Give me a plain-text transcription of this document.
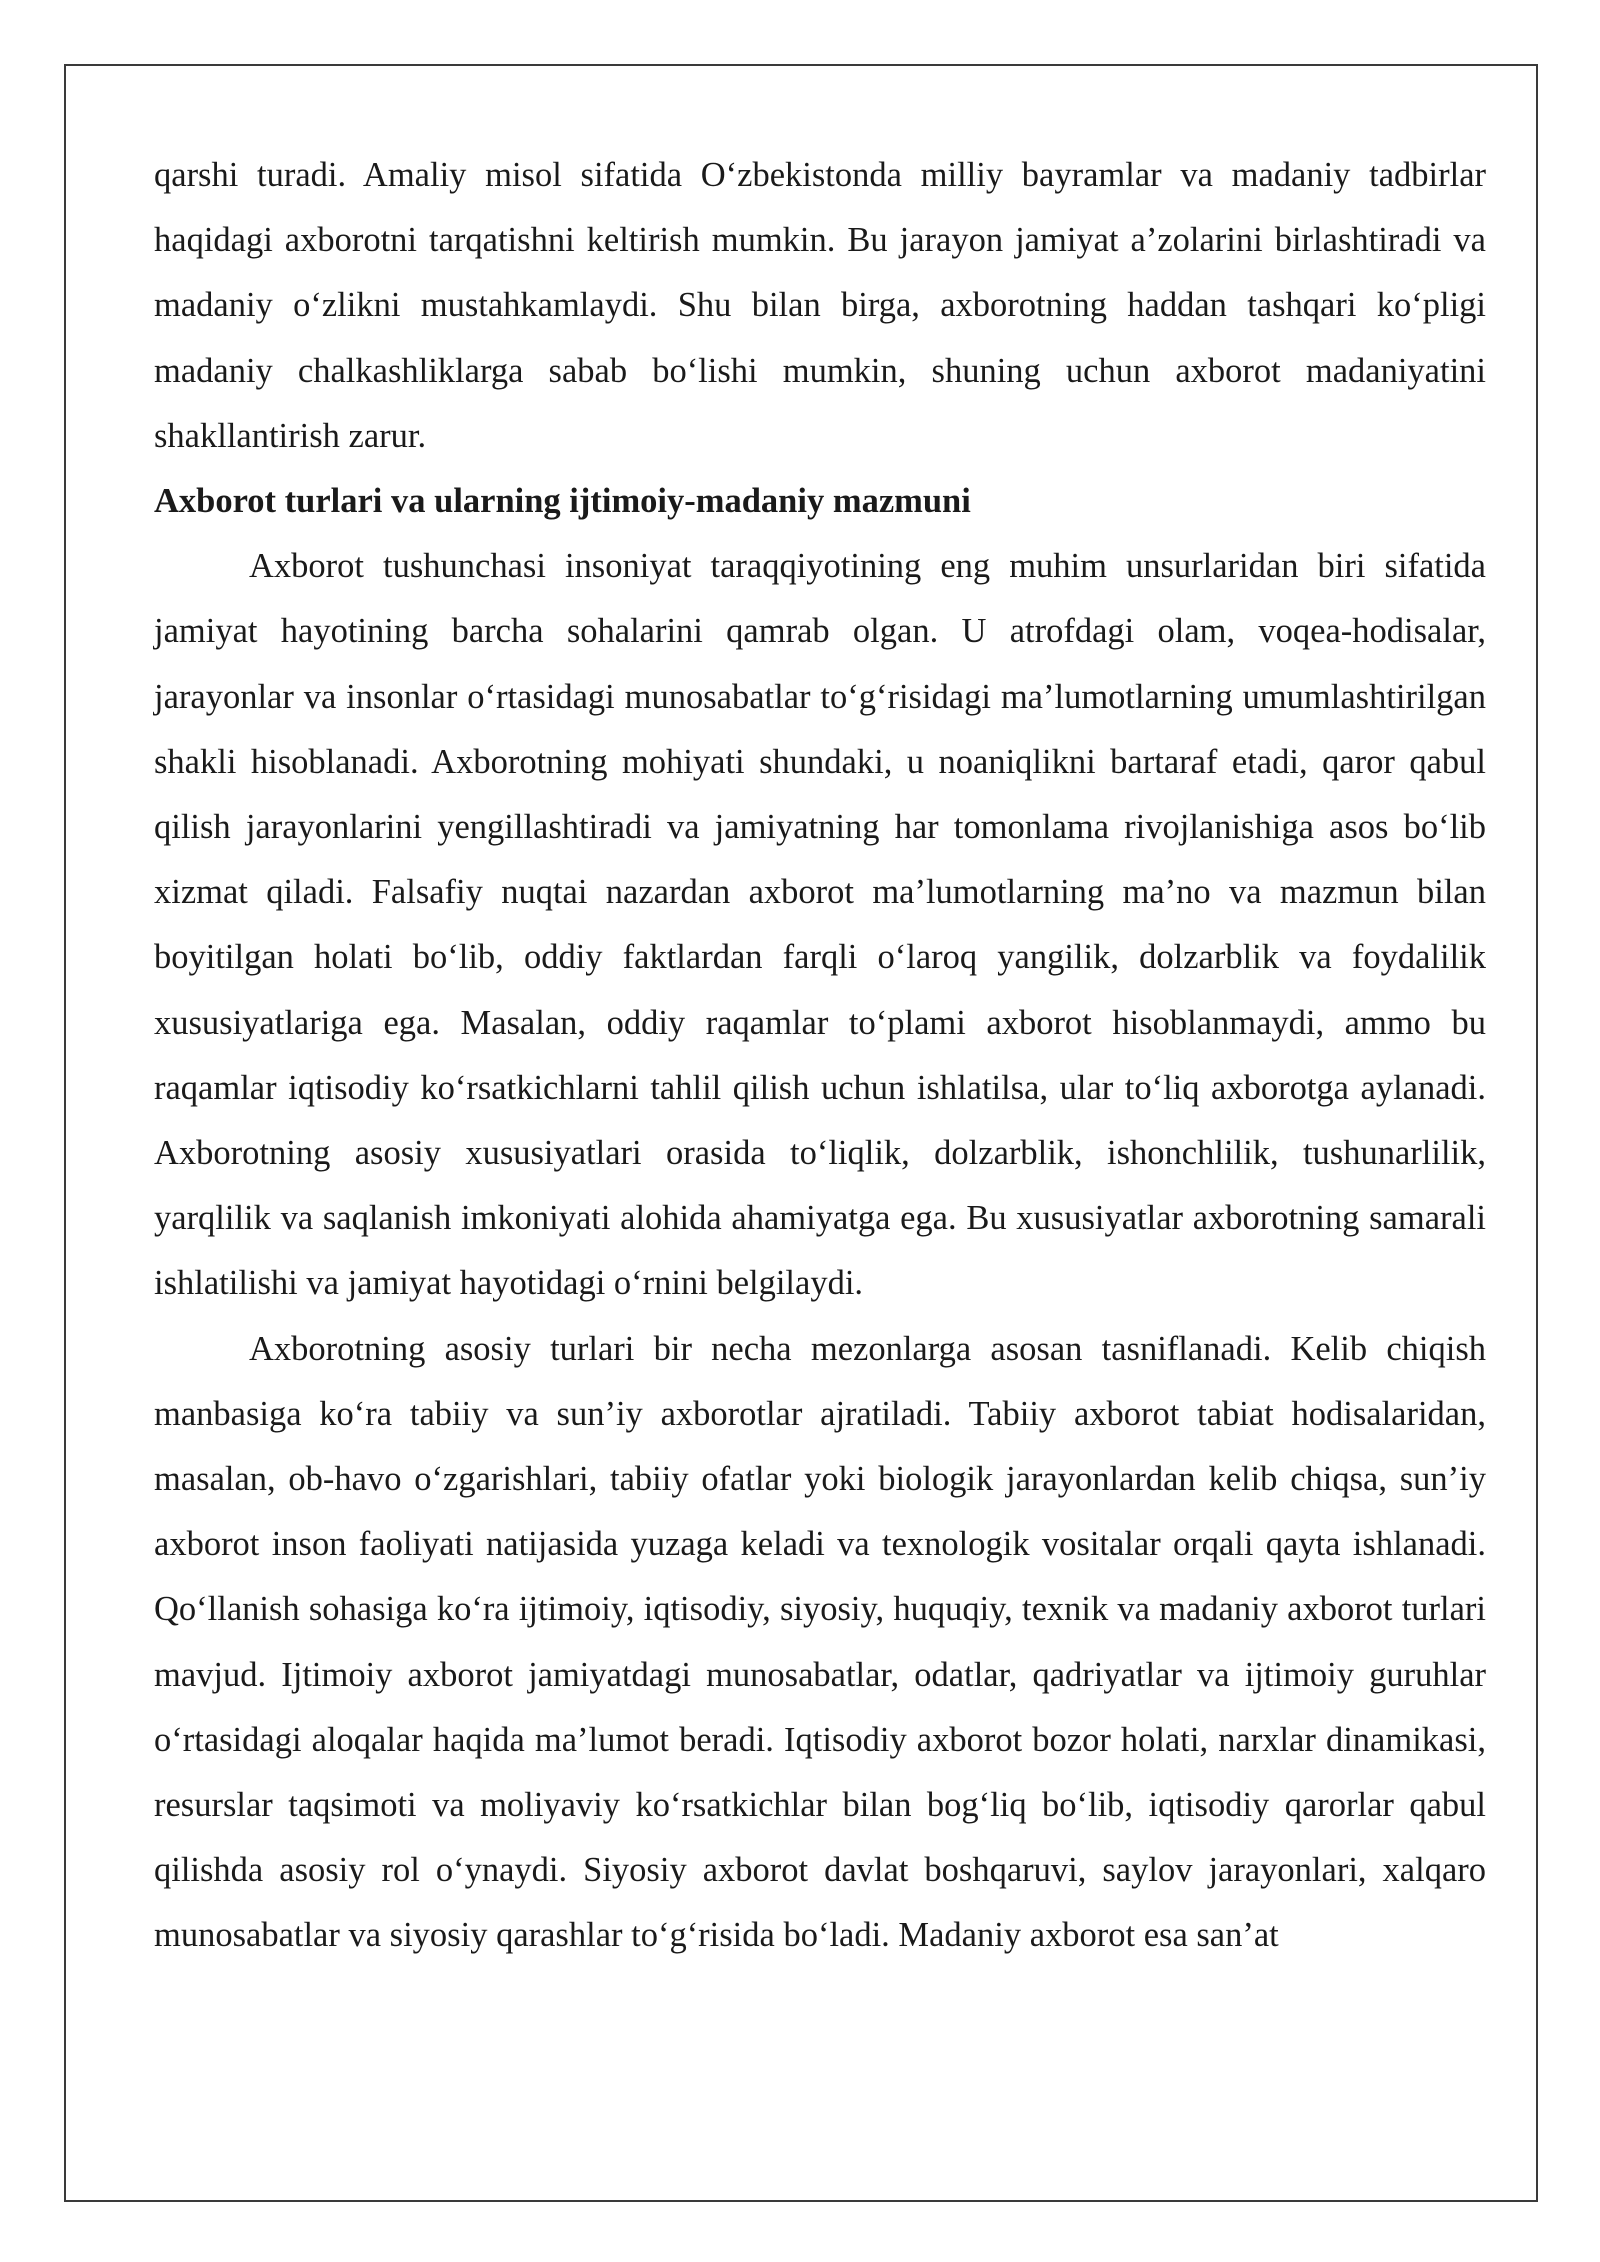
qarshi turadi. Amaliy misol sifatida O‘zbekistonda milliy bayramlar va madaniy tadbirlar haqidagi axborotni tarqatishni keltirish mumkin. Bu jarayon jamiyat a’zolarini birlashtiradi va madaniy o‘zlikni mustahkamlaydi. Shu bilan birga, axborotning haddan tashqari ko‘pligi madaniy chalkashliklarga sabab bo‘lishi mumkin, shuning uchun axborot madaniyatini shakllantirish zarur.

Axborot turlari va ularning ijtimoiy-madaniy mazmuni

Axborot tushunchasi insoniyat taraqqiyotining eng muhim unsurlaridan biri sifatida jamiyat hayotining barcha sohalarini qamrab olgan. U atrofdagi olam, voqea-hodisalar, jarayonlar va insonlar o‘rtasidagi munosabatlar to‘g‘risidagi ma’lumotlarning umumlashtirilgan shakli hisoblanadi. Axborotning mohiyati shundaki, u noaniqlikni bartaraf etadi, qaror qabul qilish jarayonlarini yengillashtiradi va jamiyatning har tomonlama rivojlanishiga asos bo‘lib xizmat qiladi. Falsafiy nuqtai nazardan axborot ma’lumotlarning ma’no va mazmun bilan boyitilgan holati bo‘lib, oddiy faktlardan farqli o‘laroq yangilik, dolzarblik va foydalilik xususiyatlariga ega. Masalan, oddiy raqamlar to‘plami axborot hisoblanmaydi, ammo bu raqamlar iqtisodiy ko‘rsatkichlarni tahlil qilish uchun ishlatilsa, ular to‘liq axborotga aylanadi. Axborotning asosiy xususiyatlari orasida to‘liqlik, dolzarblik, ishonchlilik, tushunarlilik, yarqlilik va saqlanish imkoniyati alohida ahamiyatga ega. Bu xususiyatlar axborotning samarali ishlatilishi va jamiyat hayotidagi o‘rnini belgilaydi.

Axborotning asosiy turlari bir necha mezonlarga asosan tasniflanadi. Kelib chiqish manbasiga ko‘ra tabiiy va sun’iy axborotlar ajratiladi. Tabiiy axborot tabiat hodisalaridan, masalan, ob-havo o‘zgarishlari, tabiiy ofatlar yoki biologik jarayonlardan kelib chiqsa, sun’iy axborot inson faoliyati natijasida yuzaga keladi va texnologik vositalar orqali qayta ishlanadi. Qo‘llanish sohasiga ko‘ra ijtimoiy, iqtisodiy, siyosiy, huquqiy, texnik va madaniy axborot turlari mavjud. Ijtimoiy axborot jamiyatdagi munosabatlar, odatlar, qadriyatlar va ijtimoiy guruhlar o‘rtasidagi aloqalar haqida ma’lumot beradi. Iqtisodiy axborot bozor holati, narxlar dinamikasi, resurslar taqsimoti va moliyaviy ko‘rsatkichlar bilan bog‘liq bo‘lib, iqtisodiy qarorlar qabul qilishda asosiy rol o‘ynaydi. Siyosiy axborot davlat boshqaruvi, saylov jarayonlari, xalqaro munosabatlar va siyosiy qarashlar to‘g‘risida bo‘ladi. Madaniy axborot esa san’at
